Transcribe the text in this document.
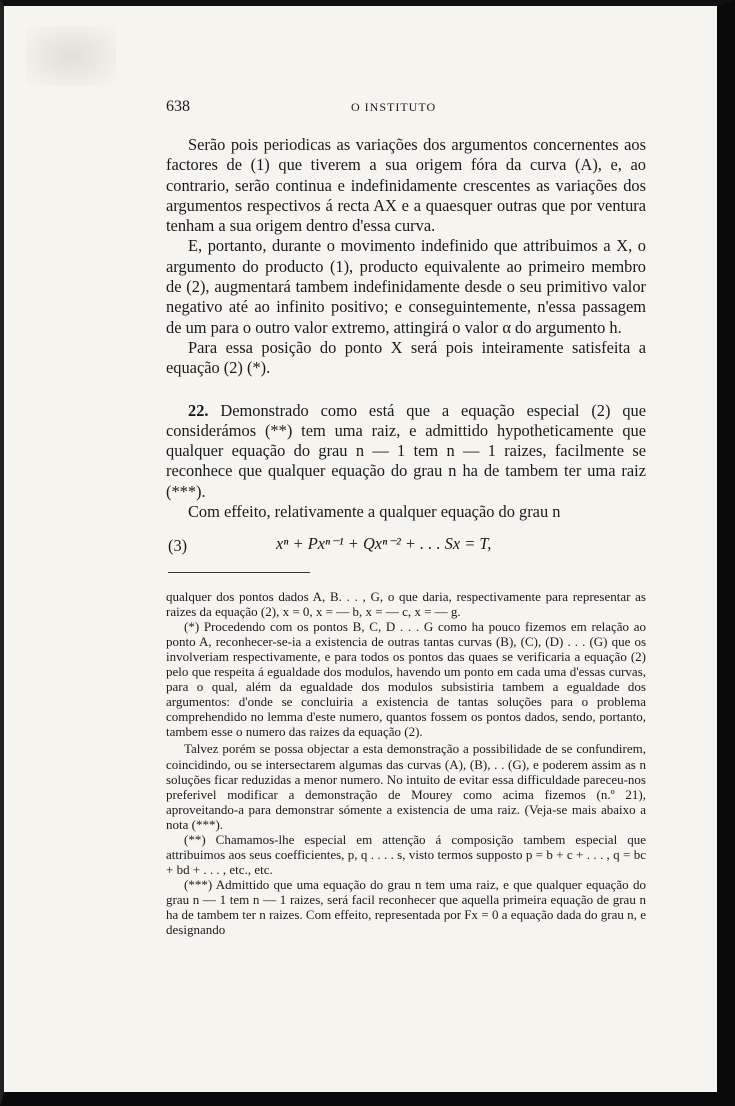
638	O INSTITUTO

Serão pois periodicas as variações dos argumentos concernentes aos factores de (1) que tiverem a sua origem fóra da curva (A), e, ao contrario, serão continua e indefinidamente crescentes as variações dos argumentos respectivos á recta AX e a quaesquer outras que por ventura tenham a sua origem dentro d'essa curva.

E, portanto, durante o movimento indefinido que attribuimos a X, o argumento do producto (1), producto equivalente ao primeiro membro de (2), augmentará tambem indefinidamente desde o seu primitivo valor negativo até ao infinito positivo; e conseguintemente, n'essa passagem de um para o outro valor extremo, attingirá o valor α do argumento h.

Para essa posição do ponto X será pois inteiramente satisfeita a equação (2) (*).

22. Demonstrado como está que a equação especial (2) que considerámos (**) tem uma raiz, e admittido hypotheticamente que qualquer equação do grau n — 1 tem n — 1 raizes, facilmente se reconhece que qualquer equação do grau n ha de tambem ter uma raiz (***).

Com effeito, relativamente a qualquer equação do grau n

(3)	xⁿ + Pxⁿ⁻¹ + Qxⁿ⁻² + . . . Sx = T,

qualquer dos pontos dados A, B. . . , G, o que daria, respectivamente para representar as raizes da equação (2), x = 0, x = — b, x = — c, x = — g.

(*) Procedendo com os pontos B, C, D . . . G como ha pouco fizemos em relação ao ponto A, reconhecer-se-ia a existencia de outras tantas curvas (B), (C), (D) . . . (G) que os involveriam respectivamente, e para todos os pontos das quaes se verificaria a equação (2) pelo que respeita á egualdade dos modulos, havendo um ponto em cada uma d'essas curvas, para o qual, além da egualdade dos modulos subsistiria tambem a egualdade dos argumentos: d'onde se concluiria a existencia de tantas soluções para o problema comprehendido no lemma d'este numero, quantos fossem os pontos dados, sendo, portanto, tambem esse o numero das raizes da equação (2).

Talvez porém se possa objectar a esta demonstração a possibilidade de se confundirem, coincidindo, ou se intersectarem algumas das curvas (A), (B), . . (G), e poderem assim as n soluções ficar reduzidas a menor numero. No intuito de evitar essa difficuldade pareceu-nos preferivel modificar a demonstração de Mourey como acima fizemos (n.º 21), aproveitando-a para demonstrar sómente a existencia de uma raiz. (Veja-se mais abaixo a nota (***).

(**) Chamamos-lhe especial em attenção á composição tambem especial que attribuimos aos seus coefficientes, p, q . . . . s, visto termos supposto p = b + c + . . . , q = bc + bd + . . . , etc., etc.

(***) Admittido que uma equação do grau n tem uma raiz, e que qualquer equação do grau n — 1 tem n — 1 raizes, será facil reconhecer que aquella primeira equação de grau n ha de tambem ter n raizes. Com effeito, representada por Fx = 0 a equação dada do grau n, e designando
